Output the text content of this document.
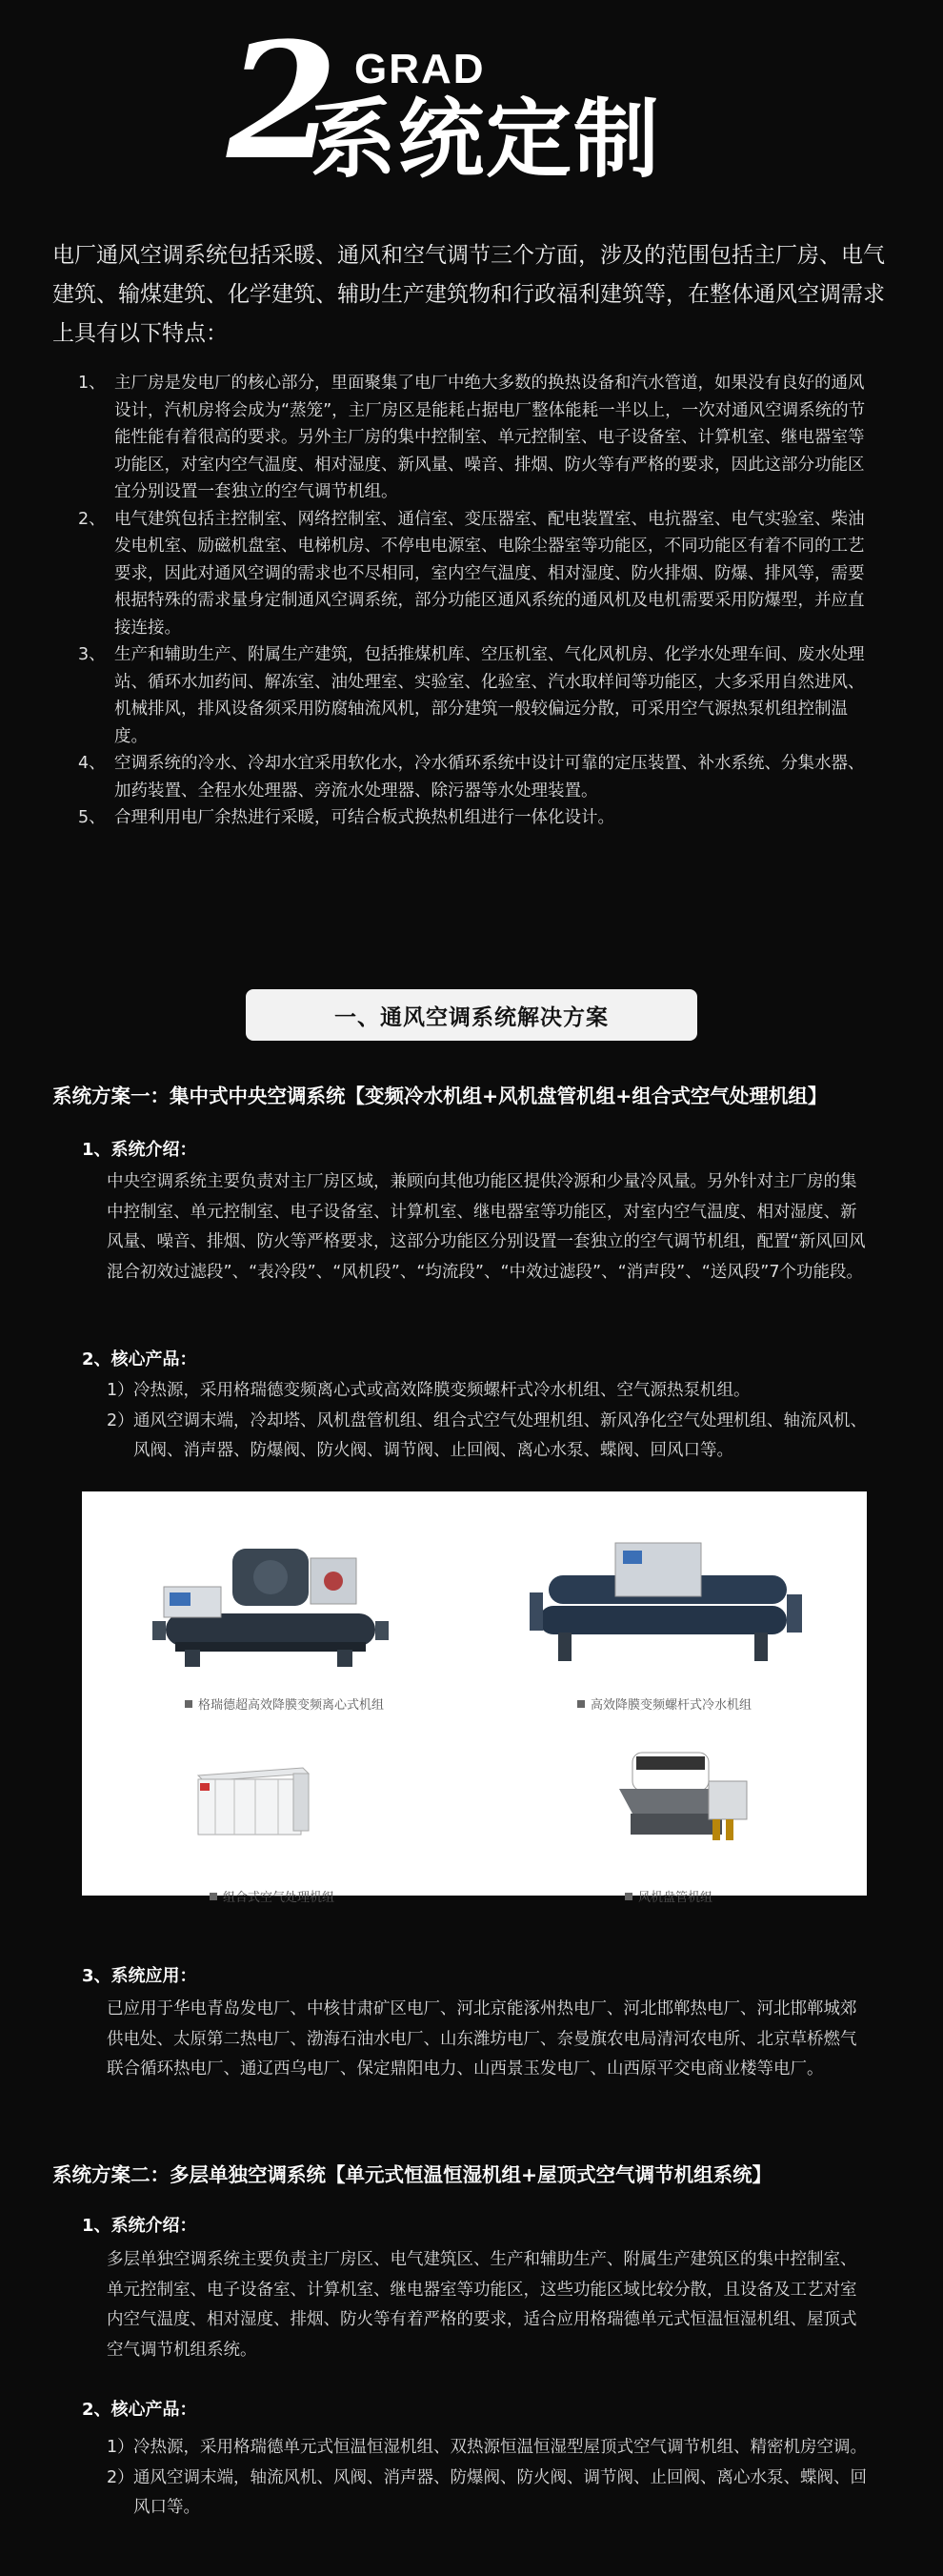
2 GRAD
系统定制
电厂通风空调系统包括采暖、通风和空气调节三个方面，涉及的范围包括主厂房、电气建筑、输煤建筑、化学建筑、辅助生产建筑物和行政福利建筑等，在整体通风空调需求上具有以下特点：
1、 主厂房是发电厂的核心部分，里面聚集了电厂中绝大多数的换热设备和汽水管道，如果没有良好的通风设计，汽机房将会成为“蒸笼”，主厂房区是能耗占据电厂整体能耗一半以上，一次对通风空调系统的节能性能有着很高的要求。另外主厂房的集中控制室、单元控制室、电子设备室、计算机室、继电器室等功能区，对室内空气温度、相对湿度、新风量、噪音、排烟、防火等有严格的要求，因此这部分功能区宜分别设置一套独立的空气调节机组。
2、 电气建筑包括主控制室、网络控制室、通信室、变压器室、配电装置室、电抗器室、电气实验室、柴油发电机室、励磁机盘室、电梯机房、不停电电源室、电除尘器室等功能区，不同功能区有着不同的工艺要求，因此对通风空调的需求也不尽相同，室内空气温度、相对湿度、防火排烟、防爆、排风等，需要根据特殊的需求量身定制通风空调系统，部分功能区通风系统的通风机及电机需要采用防爆型，并应直接连接。
3、 生产和辅助生产、附属生产建筑，包括推煤机库、空压机室、气化风机房、化学水处理车间、废水处理站、循环水加药间、解冻室、油处理室、实验室、化验室、汽水取样间等功能区，大多采用自然进风、机械排风，排风设备须采用防腐轴流风机，部分建筑一般较偏远分散，可采用空气源热泵机组控制温度。
4、 空调系统的冷水、冷却水宜采用软化水，冷水循环系统中设计可靠的定压装置、补水系统、分集水器、加药装置、全程水处理器、旁流水处理器、除污器等水处理装置。
5、 合理利用电厂余热进行采暖，可结合板式换热机组进行一体化设计。
一、通风空调系统解决方案
系统方案一：集中式中央空调系统【变频冷水机组+风机盘管机组+组合式空气处理机组】
1、系统介绍：
中央空调系统主要负责对主厂房区域，兼顾向其他功能区提供冷源和少量冷风量。另外针对主厂房的集中控制室、单元控制室、电子设备室、计算机室、继电器室等功能区，对室内空气温度、相对湿度、新风量、噪音、排烟、防火等严格要求，这部分功能区分别设置一套独立的空气调节机组，配置“新风回风混合初效过滤段”、“表冷段”、“风机段”、“均流段”、“中效过滤段”、“消声段”、“送风段”7个功能段。
2、核心产品：
1） 冷热源，采用格瑞德变频离心式或高效降膜变频螺杆式冷水机组、空气源热泵机组。
2） 通风空调末端，冷却塔、风机盘管机组、组合式空气处理机组、新风净化空气处理机组、轴流风机、风阀、消声器、防爆阀、防火阀、调节阀、止回阀、离心水泵、蝶阀、回风口等。
格瑞德超高效降膜变频离心式机组	高效降膜变频螺杆式冷水机组
组合式空气处理机组	风机盘管机组
3、系统应用：
已应用于华电青岛发电厂、中核甘肃矿区电厂、河北京能涿州热电厂、河北邯郸热电厂、河北邯郸城郊供电处、太原第二热电厂、渤海石油水电厂、山东潍坊电厂、奈曼旗农电局清河农电所、北京草桥燃气联合循环热电厂、通辽西乌电厂、保定鼎阳电力、山西景玉发电厂、山西原平交电商业楼等电厂。
系统方案二：多层单独空调系统【单元式恒温恒湿机组+屋顶式空气调节机组系统】
1、系统介绍：
多层单独空调系统主要负责主厂房区、电气建筑区、生产和辅助生产、附属生产建筑区的集中控制室、单元控制室、电子设备室、计算机室、继电器室等功能区，这些功能区域比较分散，且设备及工艺对室内空气温度、相对湿度、排烟、防火等有着严格的要求，适合应用格瑞德单元式恒温恒湿机组、屋顶式空气调节机组系统。
2、核心产品：
1） 冷热源，采用格瑞德单元式恒温恒湿机组、双热源恒温恒湿型屋顶式空气调节机组、精密机房空调。
2） 通风空调末端，轴流风机、风阀、消声器、防爆阀、防火阀、调节阀、止回阀、离心水泵、蝶阀、回风口等。
